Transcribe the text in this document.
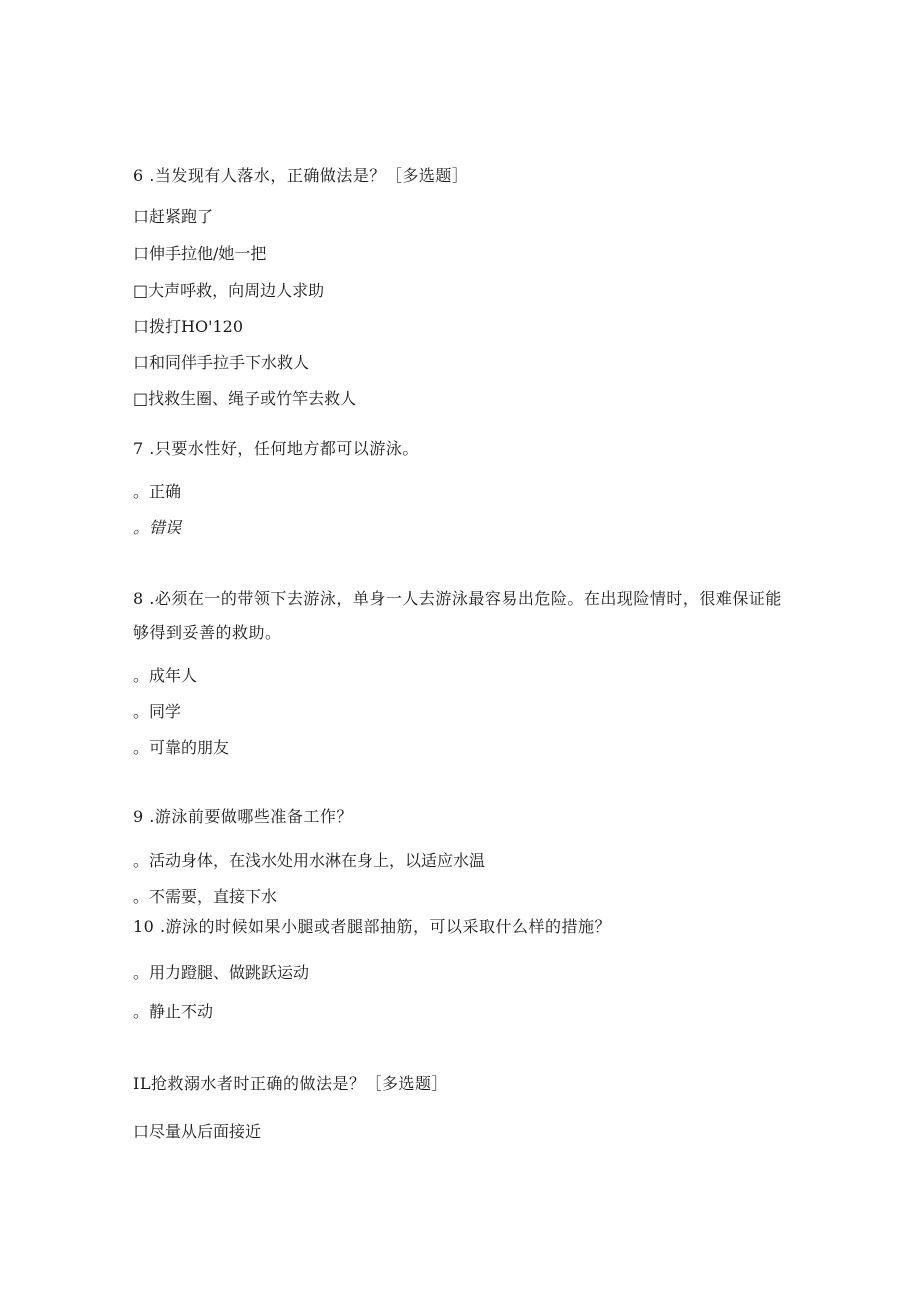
6 .当发现有人落水，正确做法是？［多选题］
口赶紧跑了
口伸手拉他/她一把
□大声呼救，向周边人求助
口拨打HO'120
口和同伴手拉手下水救人
□找救生圈、绳子或竹竿去救人
7 .只要水性好，任何地方都可以游泳。
。正确
。错误
8 .必须在一的带领下去游泳，单身一人去游泳最容易出危险。在出现险情时，很难保证能够得到妥善的救助。
。成年人
。同学
。可靠的朋友
9 .游泳前要做哪些准备工作？
。活动身体，在浅水处用水淋在身上，以适应水温
。不需要，直接下水
10 .游泳的时候如果小腿或者腿部抽筋，可以采取什么样的措施？
。用力蹬腿、做跳跃运动
。静止不动
IL抢救溺水者时正确的做法是？［多选题］
口尽量从后面接近
